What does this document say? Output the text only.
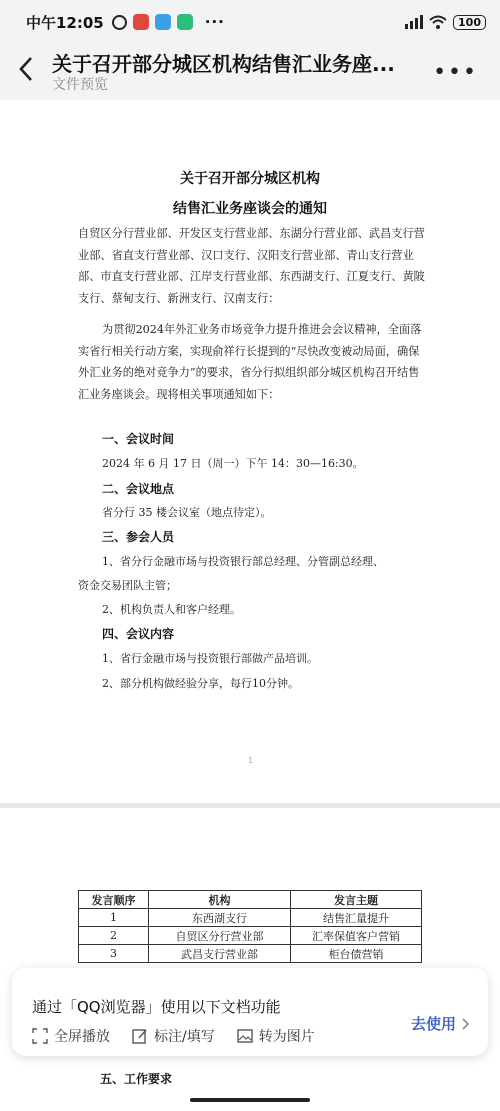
中午12:05	···	100
关于召开部分城区机构结售汇业务座...
文件预览	•••
关于召开部分城区机构
结售汇业务座谈会的通知
自贸区分行营业部、开发区支行营业部、东湖分行营业部、武昌支行营业部、省直支行营业部、汉口支行、汉阳支行营业部、青山支行营业部、市直支行营业部、江岸支行营业部、东西湖支行、江夏支行、黄陂支行、蔡甸支行、新洲支行、汉南支行：
为贯彻2024年外汇业务市场竞争力提升推进会会议精神，全面落实省行相关行动方案，实现俞祥行长提到的“尽快改变被动局面，确保外汇业务的绝对竞争力”的要求，省分行拟组织部分城区机构召开结售汇业务座谈会。现将相关事项通知如下：
一、会议时间
2024 年 6 月 17 日（周一）下午 14：30—16:30。
二、会议地点
省分行 35 楼会议室（地点待定）。
三、参会人员
1、省分行金融市场与投资银行部总经理、分管副总经理、
资金交易团队主管；
2、机构负责人和客户经理。
四、会议内容
1、省行金融市场与投资银行部做产品培训。
2、部分机构做经验分享，每行10分钟。
1
发言顺序	机构	发言主题
1	东西湖支行	结售汇量提升
2	自贸区分行营业部	汇率保值客户营销
3	武昌支行营业部	柜台债营销
五、工作要求
通过「QQ浏览器」使用以下文档功能
全屏播放	标注/填写	转为图片
去使用
